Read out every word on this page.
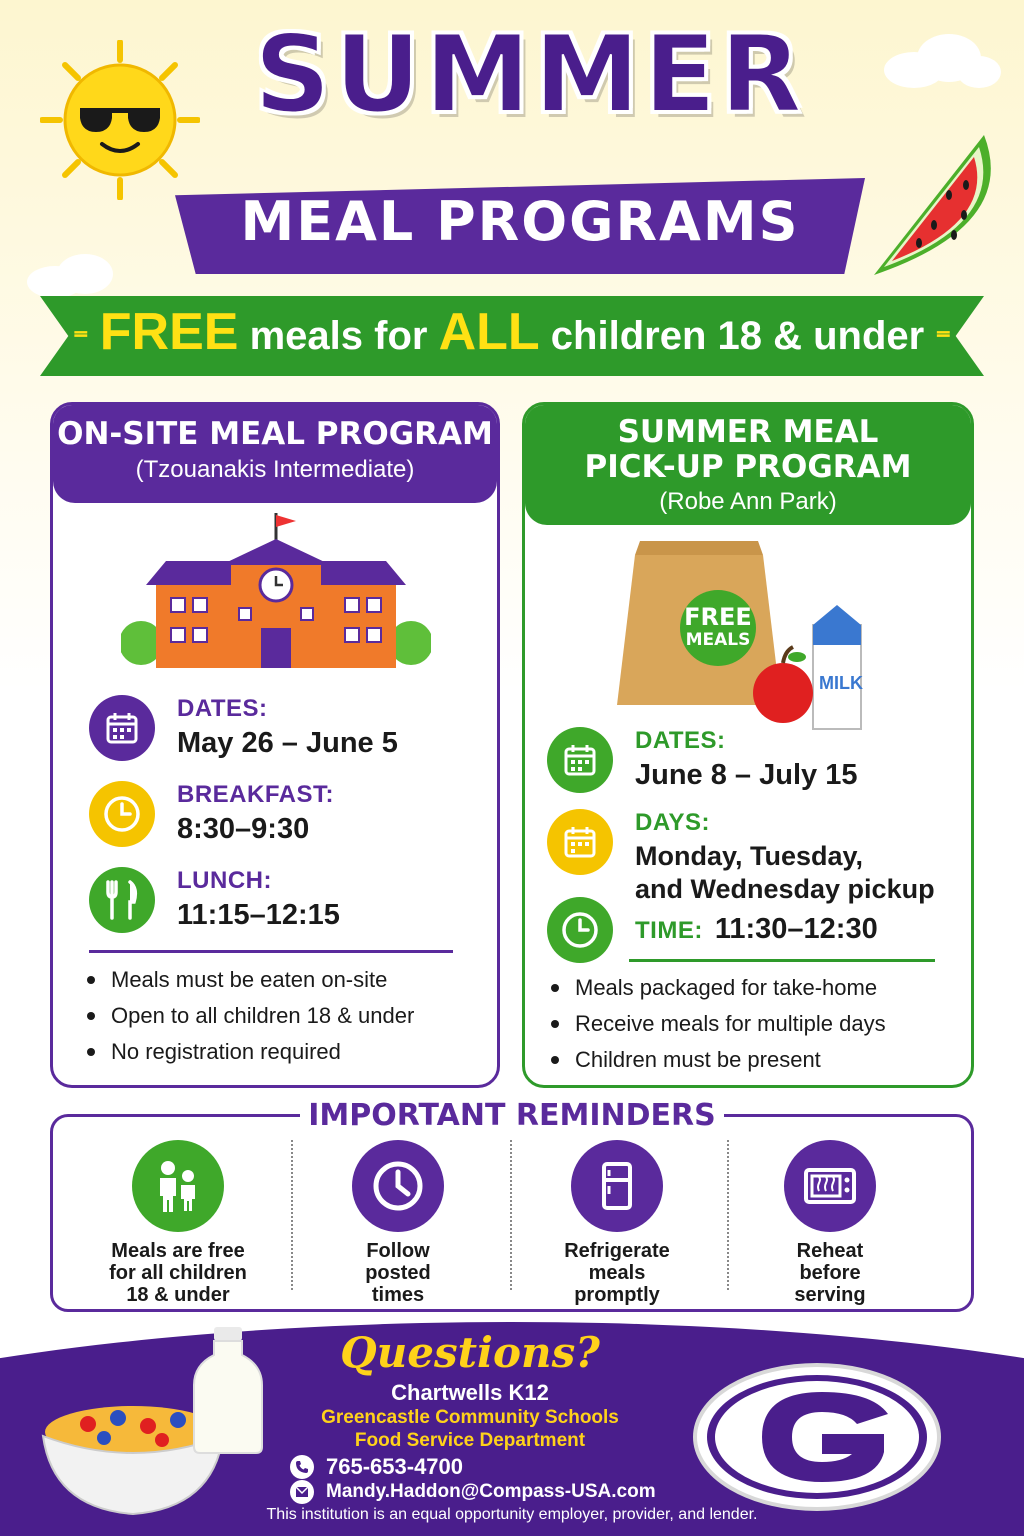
SUMMER
MEAL PROGRAMS
⁼ FREE meals for ALL children 18 & under ⁼
ON-SITE MEAL PROGRAM
(Tzouanakis Intermediate)
DATES:
May 26 – June 5
BREAKFAST:
8:30–9:30
LUNCH:
11:15–12:15
Meals must be eaten on-site
Open to all children 18 & under
No registration required
SUMMER MEAL
PICK-UP PROGRAM
(Robe Ann Park)
FREE
MEALS
MILK
DATES:
June 8 – July 15
DAYS:
Monday, Tuesday,
and Wednesday pickup
TIME: 11:30–12:30
Meals packaged for take-home
Receive meals for multiple days
Children must be present
IMPORTANT REMINDERS
Meals are free
for all children
18 & under
Follow
posted
times
Refrigerate
meals
promptly
Reheat
before
serving
Questions?
Chartwells K12
Greencastle Community Schools
Food Service Department
765-653-4700
Mandy.Haddon@Compass-USA.com
This institution is an equal opportunity employer, provider, and lender.
